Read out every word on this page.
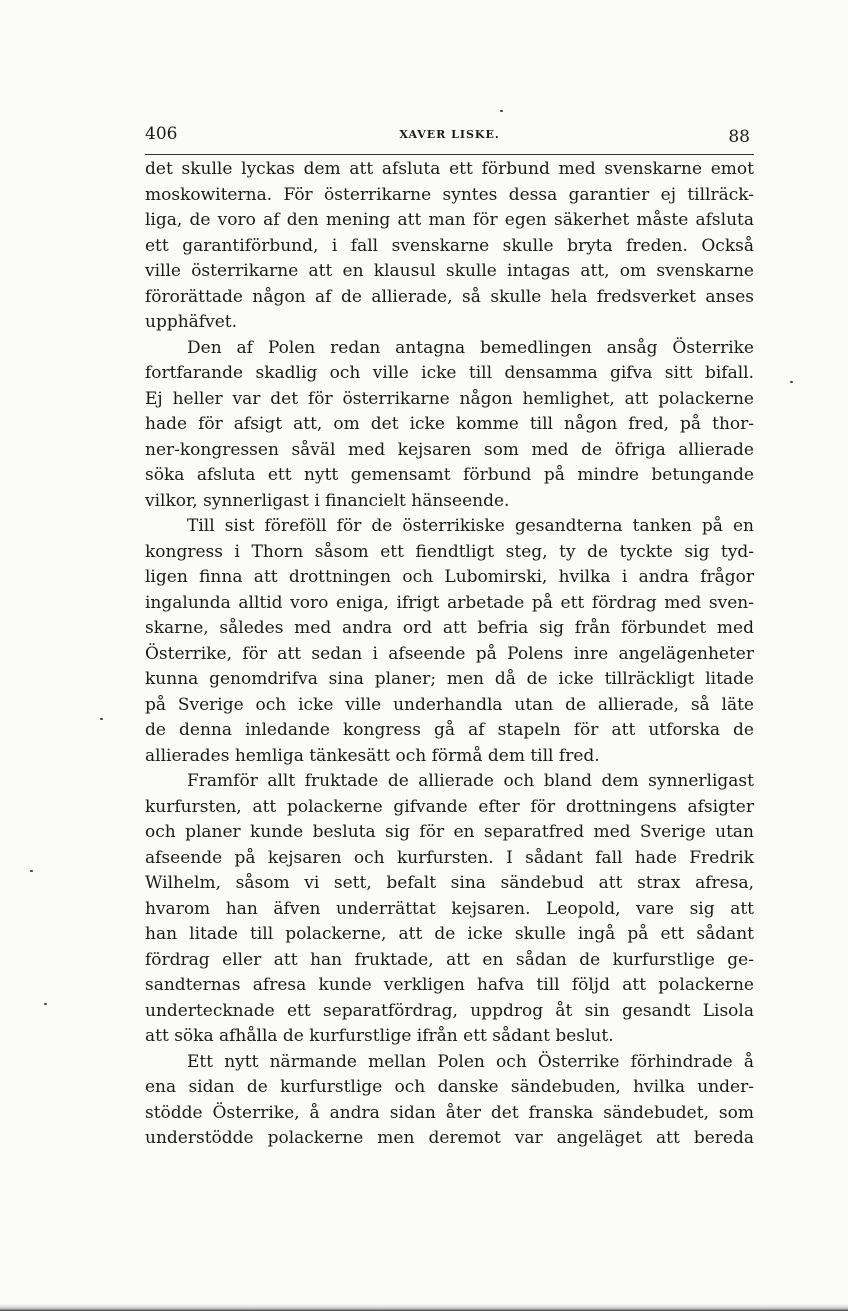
406	XAVER LISKE.	88
det skulle lyckas dem att afsluta ett förbund med svenskarne emot
moskowiterna. För österrikarne syntes dessa garantier ej tillräck-
liga, de voro af den mening att man för egen säkerhet måste afsluta
ett garantiförbund, i fall svenskarne skulle bryta freden. Också
ville österrikarne att en klausul skulle intagas att, om svenskarne
förorättade någon af de allierade, så skulle hela fredsverket anses
upphäfvet.
Den af Polen redan antagna bemedlingen ansåg Österrike
fortfarande skadlig och ville icke till densamma gifva sitt bifall.
Ej heller var det för österrikarne någon hemlighet, att polackerne
hade för afsigt att, om det icke komme till någon fred, på thor-
ner-kongressen såväl med kejsaren som med de öfriga allierade
söka afsluta ett nytt gemensamt förbund på mindre betungande
vilkor, synnerligast i financielt hänseende.
Till sist föreföll för de österrikiske gesandterna tanken på en
kongress i Thorn såsom ett fiendtligt steg, ty de tyckte sig tyd-
ligen finna att drottningen och Lubomirski, hvilka i andra frågor
ingalunda alltid voro eniga, ifrigt arbetade på ett fördrag med sven-
skarne, således med andra ord att befria sig från förbundet med
Österrike, för att sedan i afseende på Polens inre angelägenheter
kunna genomdrifva sina planer; men då de icke tillräckligt litade
på Sverige och icke ville underhandla utan de allierade, så läte
de denna inledande kongress gå af stapeln för att utforska de
allierades hemliga tänkesätt och förmå dem till fred.
Framför allt fruktade de allierade och bland dem synnerligast
kurfursten, att polackerne gifvande efter för drottningens afsigter
och planer kunde besluta sig för en separatfred med Sverige utan
afseende på kejsaren och kurfursten. I sådant fall hade Fredrik
Wilhelm, såsom vi sett, befalt sina sändebud att strax afresa,
hvarom han äfven underrättat kejsaren. Leopold, vare sig att
han litade till polackerne, att de icke skulle ingå på ett sådant
fördrag eller att han fruktade, att en sådan de kurfurstlige ge-
sandternas afresa kunde verkligen hafva till följd att polackerne
undertecknade ett separatfördrag, uppdrog åt sin gesandt Lisola
att söka afhålla de kurfurstlige ifrån ett sådant beslut.
Ett nytt närmande mellan Polen och Österrike förhindrade å
ena sidan de kurfurstlige och danske sändebuden, hvilka under-
stödde Österrike, å andra sidan åter det franska sändebudet, som
understödde polackerne men deremot var angeläget att bereda
